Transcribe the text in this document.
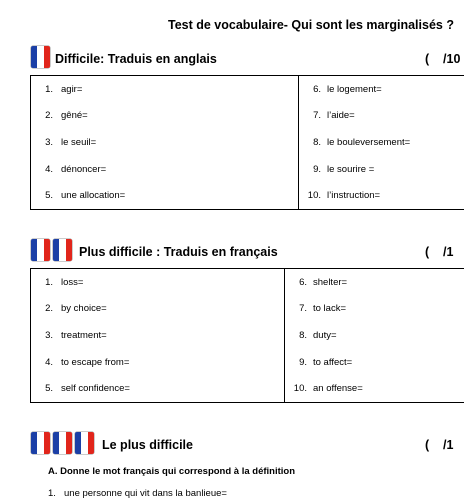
Test de vocabulaire- Qui sont les marginalisés ?
Difficile: Traduis en anglais	(    /10
1. agir=
2. gêné=
3. le seuil=
4. dénoncer=
5. une allocation=

6. le logement=
7. l’aide=
8. le bouleversement=
9. le sourire =
10. l’instruction=
Plus difficile : Traduis en français	(    /1
1. loss=
2. by choice=
3. treatment=
4. to escape from=
5. self confidence=

6. shelter=
7. to lack=
8. duty=
9. to affect=
10. an offense=
Le plus difficile	(    /1
A. Donne le mot français qui correspond à la définition
1. une personne qui vit dans la banlieue=
